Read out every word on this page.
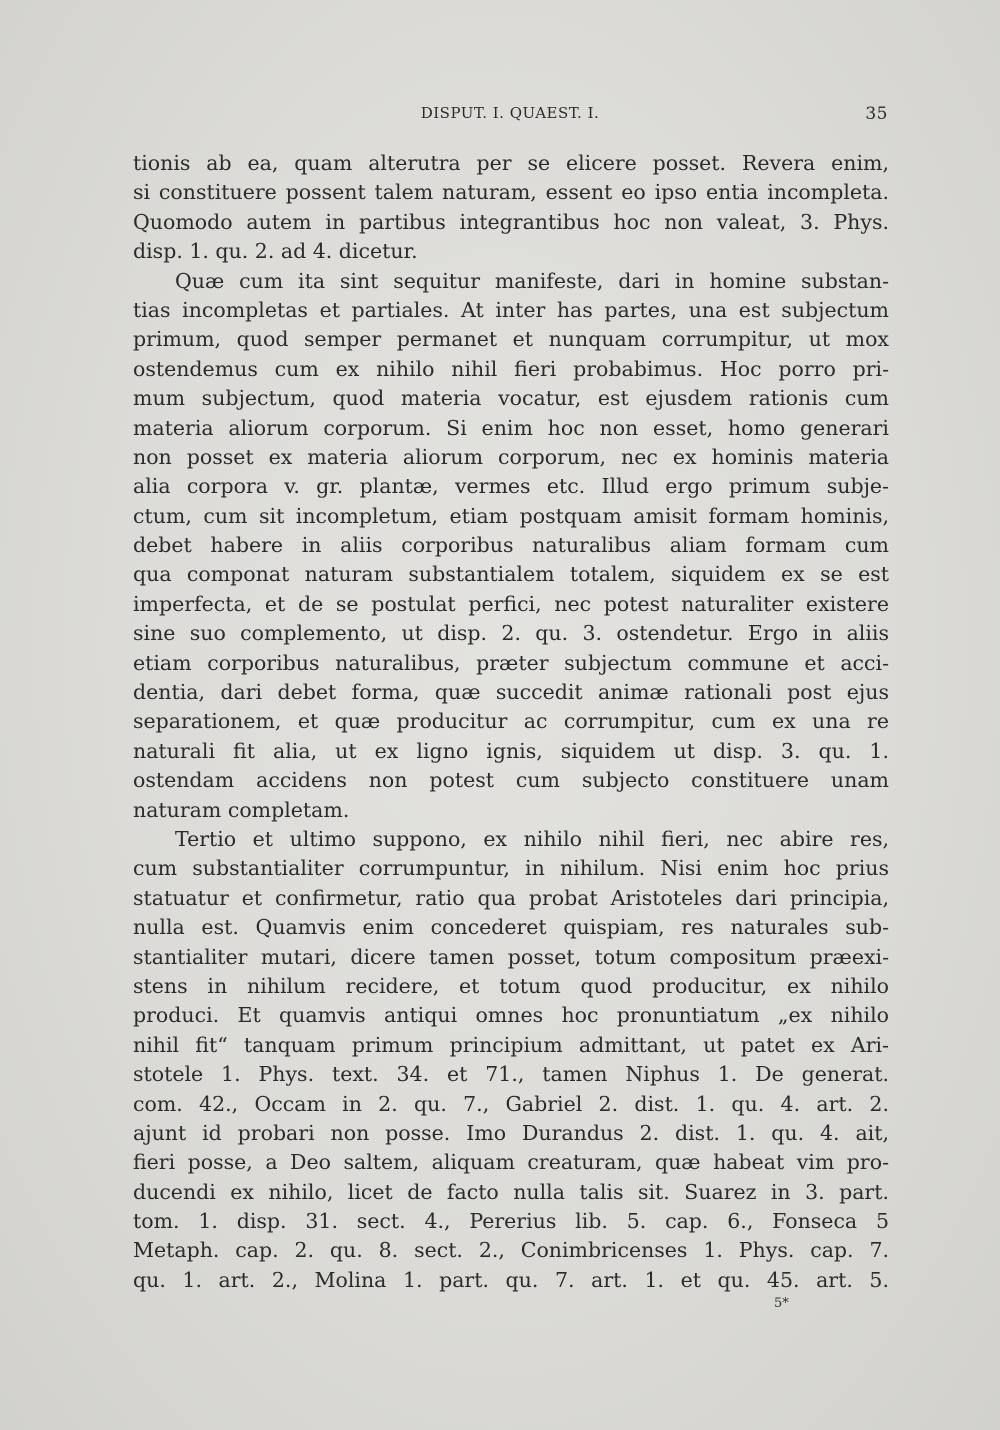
DISPUT. I. QUAEST. I.	35
tionis ab ea, quam alterutra per se elicere posset. Revera enim,
si constituere possent talem naturam, essent eo ipso entia incompleta.
Quomodo autem in partibus integrantibus hoc non valeat, 3. Phys.
disp. 1. qu. 2. ad 4. dicetur.
Quæ cum ita sint sequitur manifeste, dari in homine substan-
tias incompletas et partiales. At inter has partes, una est subjectum
primum, quod semper permanet et nunquam corrumpitur, ut mox
ostendemus cum ex nihilo nihil fieri probabimus. Hoc porro pri-
mum subjectum, quod materia vocatur, est ejusdem rationis cum
materia aliorum corporum. Si enim hoc non esset, homo generari
non posset ex materia aliorum corporum, nec ex hominis materia
alia corpora v. gr. plantæ, vermes etc. Illud ergo primum subje-
ctum, cum sit incompletum, etiam postquam amisit formam hominis,
debet habere in aliis corporibus naturalibus aliam formam cum
qua componat naturam substantialem totalem, siquidem ex se est
imperfecta, et de se postulat perfici, nec potest naturaliter existere
sine suo complemento, ut disp. 2. qu. 3. ostendetur. Ergo in aliis
etiam corporibus naturalibus, præter subjectum commune et acci-
dentia, dari debet forma, quæ succedit animæ rationali post ejus
separationem, et quæ producitur ac corrumpitur, cum ex una re
naturali fit alia, ut ex ligno ignis, siquidem ut disp. 3. qu. 1.
ostendam accidens non potest cum subjecto constituere unam
naturam completam.
Tertio et ultimo suppono, ex nihilo nihil fieri, nec abire res,
cum substantialiter corrumpuntur, in nihilum. Nisi enim hoc prius
statuatur et confirmetur, ratio qua probat Aristoteles dari principia,
nulla est. Quamvis enim concederet quispiam, res naturales sub-
stantialiter mutari, dicere tamen posset, totum compositum præexi-
stens in nihilum recidere, et totum quod producitur, ex nihilo
produci. Et quamvis antiqui omnes hoc pronuntiatum „ex nihilo
nihil fit“ tanquam primum principium admittant, ut patet ex Ari-
stotele 1. Phys. text. 34. et 71., tamen Niphus 1. De generat.
com. 42., Occam in 2. qu. 7., Gabriel 2. dist. 1. qu. 4. art. 2.
ajunt id probari non posse. Imo Durandus 2. dist. 1. qu. 4. ait,
fieri posse, a Deo saltem, aliquam creaturam, quæ habeat vim pro-
ducendi ex nihilo, licet de facto nulla talis sit. Suarez in 3. part.
tom. 1. disp. 31. sect. 4., Pererius lib. 5. cap. 6., Fonseca 5
Metaph. cap. 2. qu. 8. sect. 2., Conimbricenses 1. Phys. cap. 7.
qu. 1. art. 2., Molina 1. part. qu. 7. art. 1. et qu. 45. art. 5.
5*
